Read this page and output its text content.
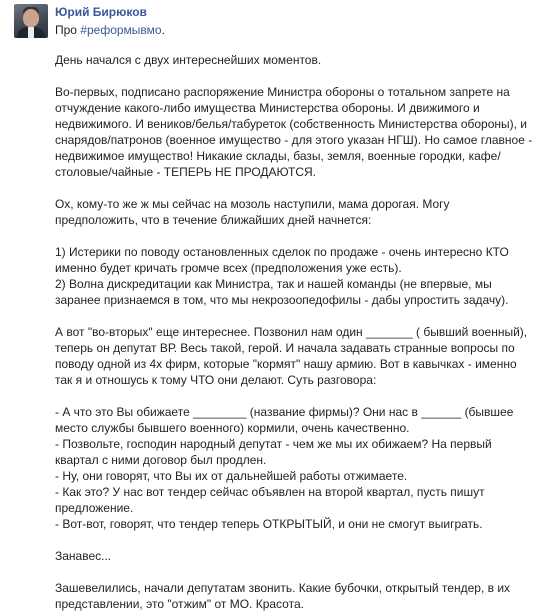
Юрий Бирюков
Про #реформывмо.

День начался с двух интереснейших моментов.

Во-первых, подписано распоряжение Министра обороны о тотальном запрете на отчуждение какого-либо имущества Министерства обороны. И движимого и недвижимого. И веников/белья/табуреток (собственность Министерства обороны), и снарядов/патронов (военное имущество - для этого указан НГШ). Но самое главное - недвижимое имущество! Никакие склады, базы, земля, военные городки, кафе/столовые/чайные - ТЕПЕРЬ НЕ ПРОДАЮТСЯ.

Ох, кому-то же ж мы сейчас на мозоль наступили, мама дорогая. Могу предположить, что в течение ближайших дней начнется:

1) Истерики по поводу остановленных сделок по продаже - очень интересно КТО именно будет кричать громче всех (предположения уже есть).
2) Волна дискредитации как Министра, так и нашей команды (не впервые, мы заранее признаемся в том, что мы некрозоопедофилы - дабы упростить задачу).

А вот "во-вторых" еще интереснее. Позвонил нам один _______ ( бывший военный), теперь он депутат ВР. Весь такой, герой. И начала задавать странные вопросы по поводу одной из 4х фирм, которые "кормят" нашу армию. Вот в кавычках - именно так я и отношусь к тому ЧТО они делают. Суть разговора:

- А что это Вы обижаете ________ (название фирмы)? Они нас в ______ (бывшее место службы бывшего военного) кормили, очень качественно.
- Позвольте, господин народный депутат - чем же мы их обижаем? На первый квартал с ними договор был продлен.
- Ну, они говорят, что Вы их от дальнейшей работы отжимаете.
- Как это? У нас вот тендер сейчас объявлен на второй квартал, пусть пишут предложение.
- Вот-вот, говорят, что тендер теперь ОТКРЫТЫЙ, и они не смогут выиграть.

Занавес...

Зашевелились, начали депутатам звонить. Какие бубочки, открытый тендер, в их представлении, это "отжим" от МО. Красота.
